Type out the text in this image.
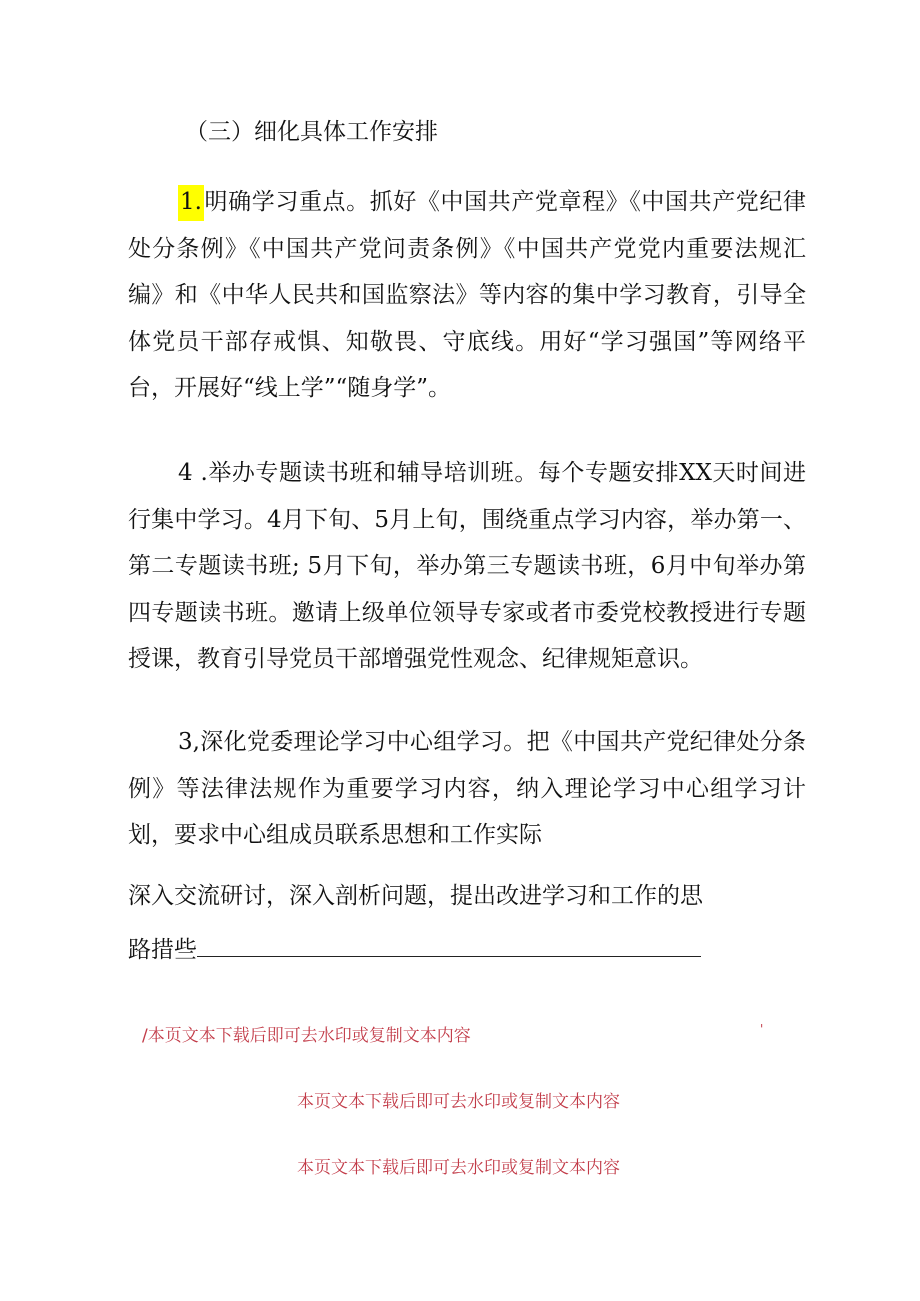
（三）细化具体工作安排
1.明确学习重点。抓好《中国共产党章程》《中国共产党纪律处分条例》《中国共产党问责条例》《中国共产党党内重要法规汇编》和《中华人民共和国监察法》等内容的集中学习教育，引导全体党员干部存戒惧、知敬畏、守底线。用好“学习强国”等网络平台，开展好“线上学”“随身学”。
4 .举办专题读书班和辅导培训班。每个专题安排XX天时间进行集中学习。4月下旬、5月上旬，围绕重点学习内容，举办第一、第二专题读书班; 5月下旬，举办第三专题读书班，6月中旬举办第四专题读书班。邀请上级单位领导专家或者市委党校教授进行专题授课，教育引导党员干部增强党性观念、纪律规矩意识。
3,深化党委理论学习中心组学习。把《中国共产党纪律处分条例》等法律法规作为重要学习内容，纳入理论学习中心组学习计划，要求中心组成员联系思想和工作实际
深入交流研讨，深入剖析问题，提出改进学习和工作的思
路措些
/本页文本下载后即可去水印或复制文本内容	'
本页文本下载后即可去水印或复制文本内容
本页文本下载后即可去水印或复制文本内容
